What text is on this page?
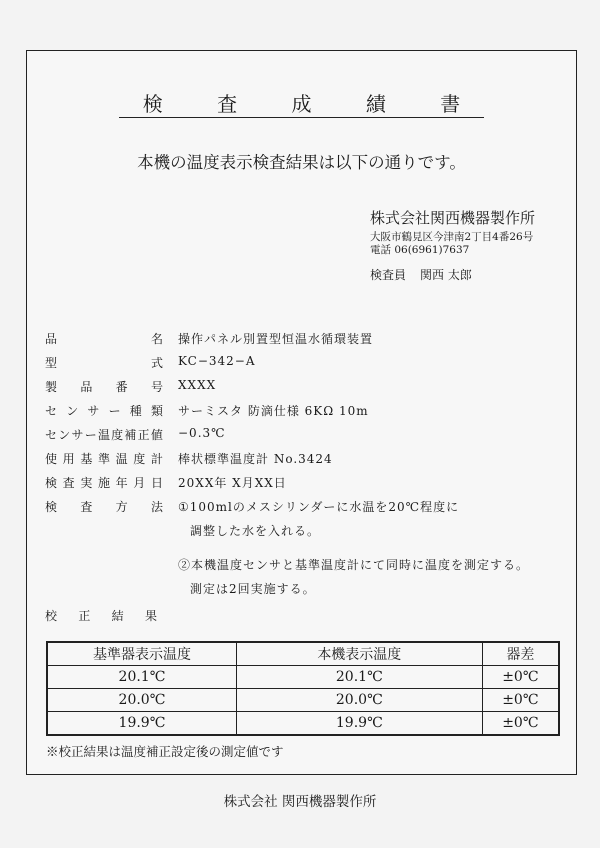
検 査 成 績 書
本機の温度表示検査結果は以下の通りです。
株式会社関西機器製作所
大阪市鶴見区今津南2丁目4番26号
電話 06(6961)7637
検査員 関西 太郎
品	名 操作パネル別置型恒温水循環装置
型	式 KC−342−A
製 品 番 号 XXXX
セ ン サ ー 種 類 サーミスタ 防滴仕様 6KΩ 10m
セ ン サ ー 温 度 補 正 値 −0.3℃
使 用 基 準 温 度 計 棒状標準温度計 No.3424
検 査 実 施 年 月 日 20XX年 X月XX日
検 査 方 法 ①100mlのメスシリンダーに水温を20℃程度に
調整した水を入れる。
②本機温度センサと基準温度計にて同時に温度を測定する。
測定は2回実施する。
校 正 結 果
基準器表示温度	本機表示温度	器差
20.1℃	20.1℃	±0℃
20.0℃	20.0℃	±0℃
19.9℃	19.9℃	±0℃
※校正結果は温度補正設定後の測定値です
株式会社 関西機器製作所
